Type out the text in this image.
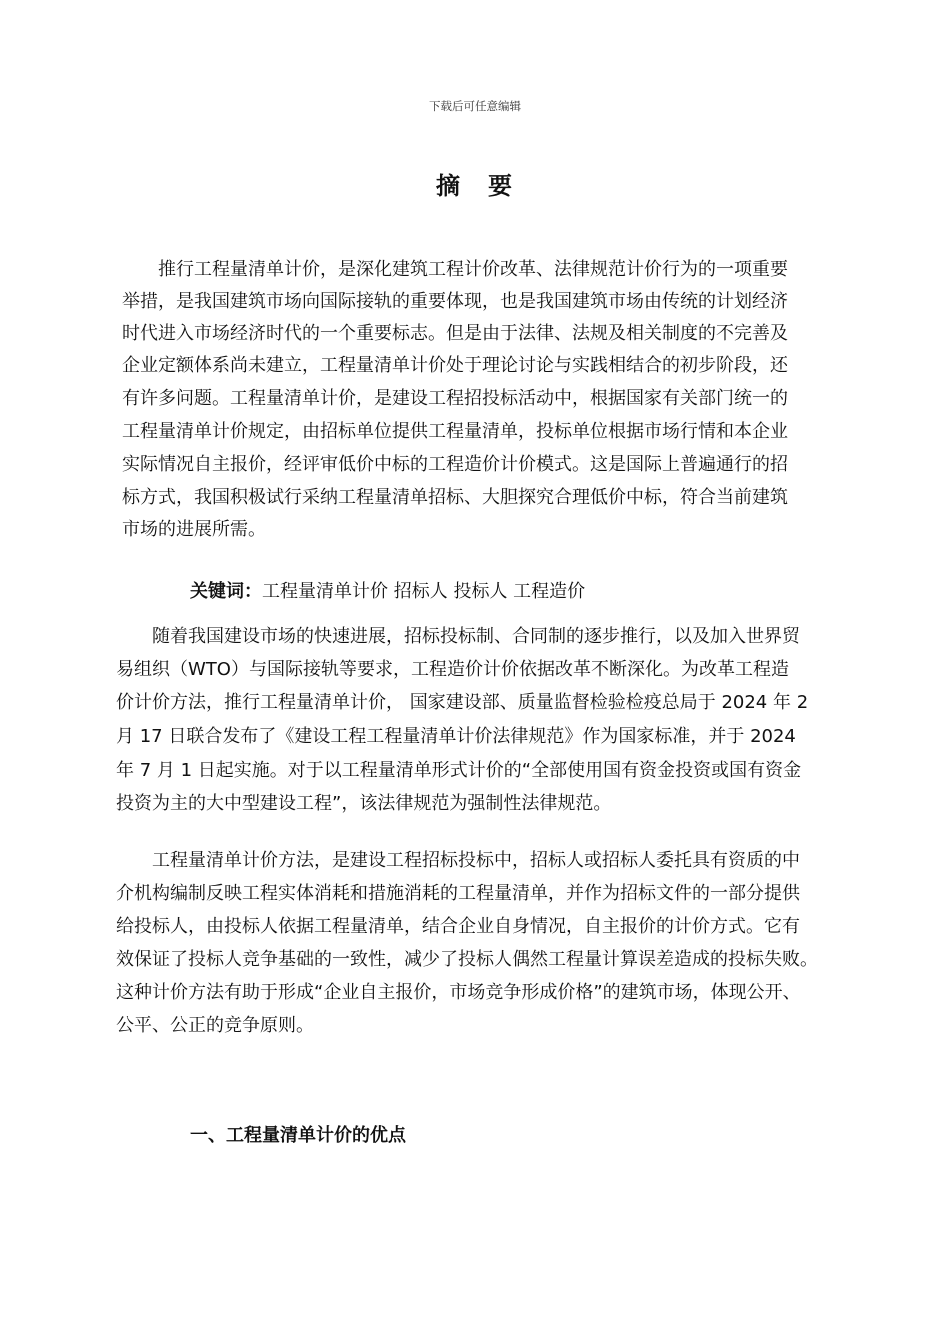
下载后可任意编辑
摘　要
推行工程量清单计价，是深化建筑工程计价改革、法律规范计价行为的一项重要
举措，是我国建筑市场向国际接轨的重要体现，也是我国建筑市场由传统的计划经济
时代进入市场经济时代的一个重要标志。但是由于法律、法规及相关制度的不完善及
企业定额体系尚未建立，工程量清单计价处于理论讨论与实践相结合的初步阶段，还
有许多问题。工程量清单计价，是建设工程招投标活动中，根据国家有关部门统一的
工程量清单计价规定，由招标单位提供工程量清单，投标单位根据市场行情和本企业
实际情况自主报价，经评审低价中标的工程造价计价模式。这是国际上普遍通行的招
标方式，我国积极试行采纳工程量清单招标、大胆探究合理低价中标，符合当前建筑
市场的进展所需。
关键词：工程量清单计价 招标人 投标人 工程造价
随着我国建设市场的快速进展，招标投标制、合同制的逐步推行，以及加入世界贸
易组织（WTO）与国际接轨等要求，工程造价计价依据改革不断深化。为改革工程造
价计价方法，推行工程量清单计价， 国家建设部、质量监督检验检疫总局于 2024 年 2
月 17 日联合发布了《建设工程工程量清单计价法律规范》作为国家标准，并于 2024
年 7 月 1 日起实施。对于以工程量清单形式计价的“全部使用国有资金投资或国有资金
投资为主的大中型建设工程”，该法律规范为强制性法律规范。
工程量清单计价方法，是建设工程招标投标中，招标人或招标人委托具有资质的中
介机构编制反映工程实体消耗和措施消耗的工程量清单，并作为招标文件的一部分提供
给投标人，由投标人依据工程量清单，结合企业自身情况，自主报价的计价方式。它有
效保证了投标人竞争基础的一致性，减少了投标人偶然工程量计算误差造成的投标失败。
这种计价方法有助于形成“企业自主报价，市场竞争形成价格”的建筑市场，体现公开、
公平、公正的竞争原则。
一、工程量清单计价的优点
